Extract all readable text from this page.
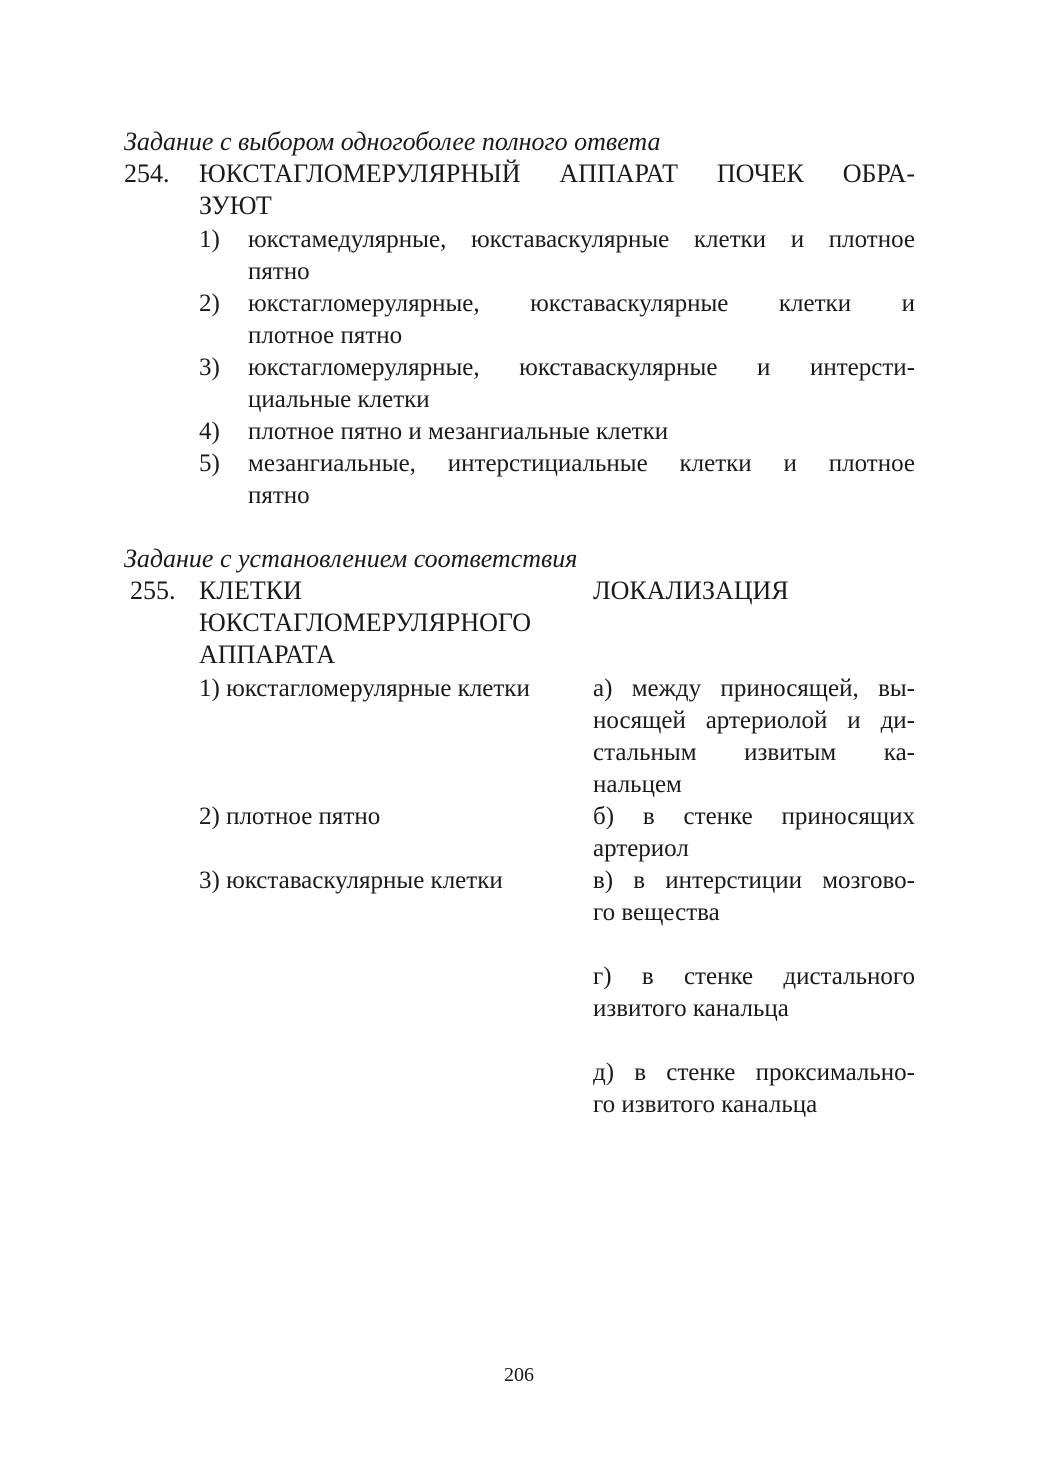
Задание с выбором одногоболее полного ответа
254. ЮКСТАГЛОМЕРУЛЯРНЫЙ АППАРАТ ПОЧЕК ОБРА-
ЗУЮТ
1) юкстамедулярные, юкставаскулярные клетки и плотное
пятно
2) юкстагломерулярные, юкставаскулярные клетки и
плотное пятно
3) юкстагломерулярные, юкставаскулярные и интерсти-
циальные клетки
4) плотное пятно и мезангиальные клетки
5) мезангиальные, интерстициальные клетки и плотное
пятно
Задание с установлением соответствия
255. КЛЕТКИ
ЮКСТАГЛОМЕРУЛЯРНОГО
АППАРАТА
ЛОКАЛИЗАЦИЯ
1) юкстагломерулярные клетки
2) плотное пятно
3) юкставаскулярные клетки
а) между приносящей, вы-
носящей артериолой и ди-
стальным извитым ка-
нальцем
б) в стенке приносящих
артериол
в) в интерстиции мозгово-
го вещества
г) в стенке дистального
извитого канальца
д) в стенке проксимально-
го извитого канальца
206
